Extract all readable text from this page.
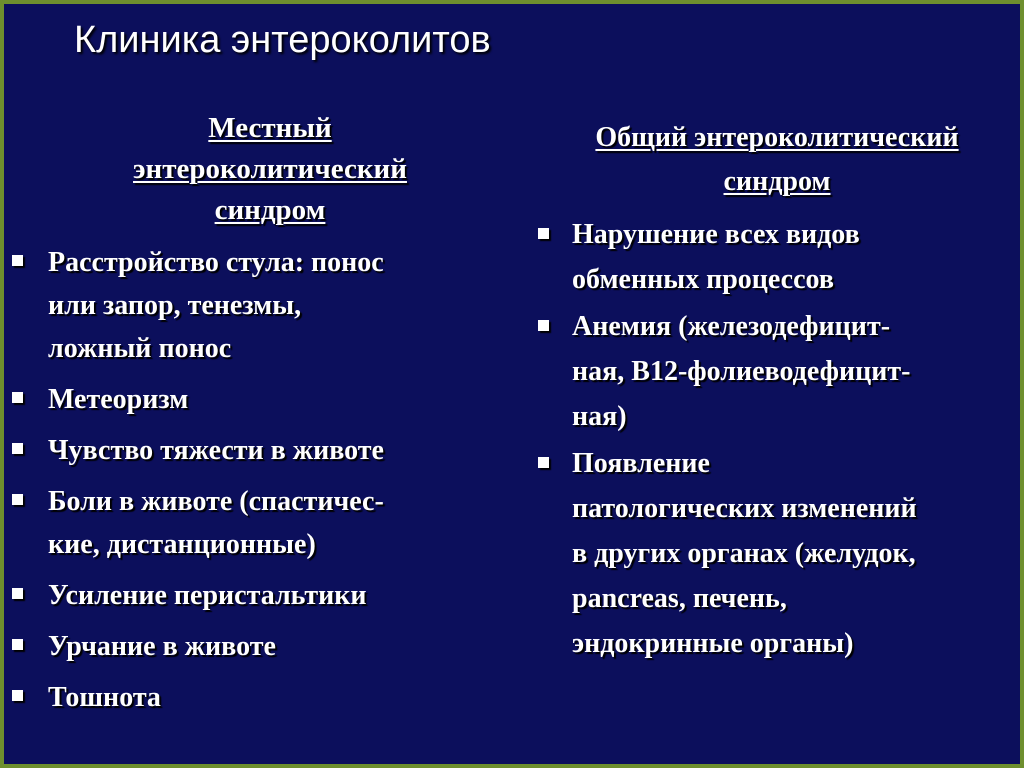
Клиника энтероколитов
Местный
энтероколитический
синдром
Расстройство стула: понос
или запор, тенезмы,
ложный понос
Метеоризм
Чувство тяжести в животе
Боли в животе (спастичес-
кие, дистанционные)
Усиление перистальтики
Урчание в животе
Тошнота
Общий энтероколитический
синдром
Нарушение всех видов
обменных процессов
Анемия (железодефицит-
ная, В12-фолиеводефицит-
ная)
Появление
патологических изменений
в других органах (желудок,
pancreas, печень,
эндокринные органы)
